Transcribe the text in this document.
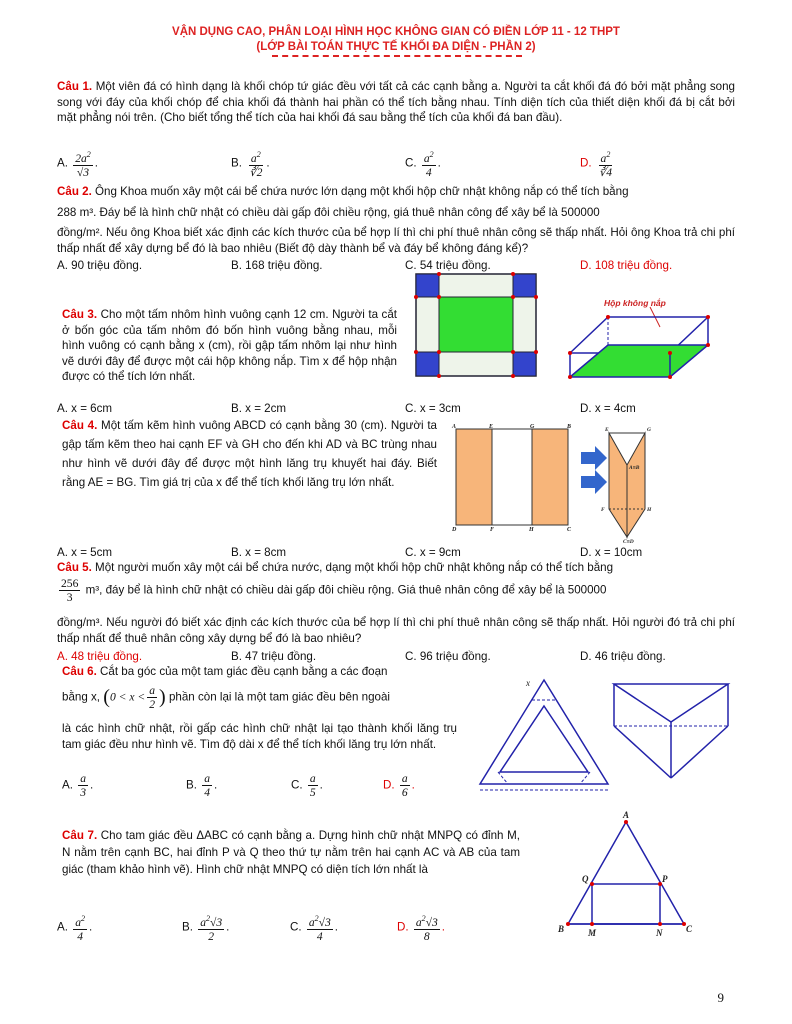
VẬN DỤNG CAO, PHÂN LOẠI HÌNH HỌC KHÔNG GIAN CÓ ĐIỀN LỚP 11 - 12 THPT
(LỚP BÀI TOÁN THỰC TẾ KHỐI ĐA DIỆN - PHẦN 2)
Câu 1. Một viên đá có hình dạng là khối chóp tứ giác đều với tất cả các cạnh bằng a. Người ta cắt khối đá đó bởi mặt phẳng song song với đáy của khối chóp để chia khối đá thành hai phần có thể tích bằng nhau. Tính diện tích của thiết diện khối đá bị cắt bởi mặt phẳng nói trên. (Cho biết tổng thể tích của hai khối đá sau bằng thể tích của khối đá ban đầu).
A. $\frac{2a^2}{√3}$ .	B. $\frac{a^2}{∛2}$ .	C. $\frac{a^2}{4}$ .	D. $\frac{a^2}{∛4}$
Câu 2. Ông Khoa muốn xây một cái bể chứa nước lớn dạng một khối hộp chữ nhật không nắp có thể tích bằng
288 m³. Đáy bể là hình chữ nhật có chiều dài gấp đôi chiều rộng, giá thuê nhân công để xây bể là 500000
đồng/m². Nếu ông Khoa biết xác định các kích thước của bể hợp lí thì chi phí thuê nhân công sẽ thấp nhất. Hỏi ông Khoa trả chi phí thấp nhất để xây dựng bể đó là bao nhiêu (Biết độ dày thành bể và đáy bể không đáng kể)?
A. 90 triệu đồng.	B. 168 triệu đồng.	C. 54 triệu đồng.	D. 108 triệu đồng.
Câu 3. Cho một tấm nhôm hình vuông cạnh 12 cm. Người ta cắt ở bốn góc của tấm nhôm đó bốn hình vuông bằng nhau, mỗi hình vuông có cạnh bằng x (cm), rồi gập tấm nhôm lại như hình vẽ dưới đây để được một cái hộp không nắp. Tìm x để hộp nhận được có thể tích lớn nhất.
Hộp không nắp
A. x = 6cm	B. x = 2cm	C. x = 3cm	D. x = 4cm
Câu 4. Một tấm kẽm hình vuông ABCD có cạnh bằng 30 (cm). Người ta gập tấm kẽm theo hai cạnh EF và GH cho đến khi AD và BC trùng nhau như hình vẽ dưới đây để được một hình lăng trụ khuyết hai đáy. Biết rằng AE = BG. Tìm giá trị của x để thể tích khối lăng trụ lớn nhất.
A	E	G	B
D	F	H	C
E	G
A≡B
F	H
C≡D
A. x = 5cm	B. x = 8cm	C. x = 9cm	D. x = 10cm
Câu 5. Một người muốn xây một cái bể chứa nước, dạng một khối hộp chữ nhật không nắp có thể tích bằng
$\frac{256}{3} m^3$, đáy bể là hình chữ nhật có chiều dài gấp đôi chiều rộng. Giá thuê nhân công để xây bể là 500000
đồng/m³. Nếu người đó biết xác định các kích thước của bể hợp lí thì chi phí thuê nhân công sẽ thấp nhất. Hỏi người đó trả chi phí thấp nhất để thuê nhân công xây dựng bể đó là bao nhiêu?
A. 48 triệu đồng.	B. 47 triệu đồng.	C. 96 triệu đồng.	D. 46 triệu đồng.
Câu 6. Cắt ba góc của một tam giác đều cạnh bằng a các đoạn
bằng x, ($0 < x < \frac{a}{2}$ ) phần còn lại là một tam giác đều bên ngoài
là các hình chữ nhật, rồi gấp các hình chữ nhật lại tạo thành khối lăng trụ tam giác đều như hình vẽ. Tìm độ dài x để thể tích khối lăng trụ lớn nhất.
x
A. $\frac{a}{3}$ .	B. $\frac{a}{4}$ .	C. $\frac{a}{5}$ .	D. $\frac{a}{6}$ .
Câu 7. Cho tam giác đều ΔABC có cạnh bằng a. Dựng hình chữ nhật MNPQ có đỉnh M, N nằm trên cạnh BC, hai đỉnh P và Q theo thứ tự nằm trên hai cạnh AC và AB của tam giác (tham khảo hình vẽ). Hình chữ nhật MNPQ có diện tích lớn nhất là
A
B	C
M	N
P
Q
A. $\frac{a^2}{4}$ .	B. $\frac{a^2√3}{2}$ .	C. $\frac{a^2√3}{4}$ .	D. $\frac{a^2√3}{8}$ .
9
